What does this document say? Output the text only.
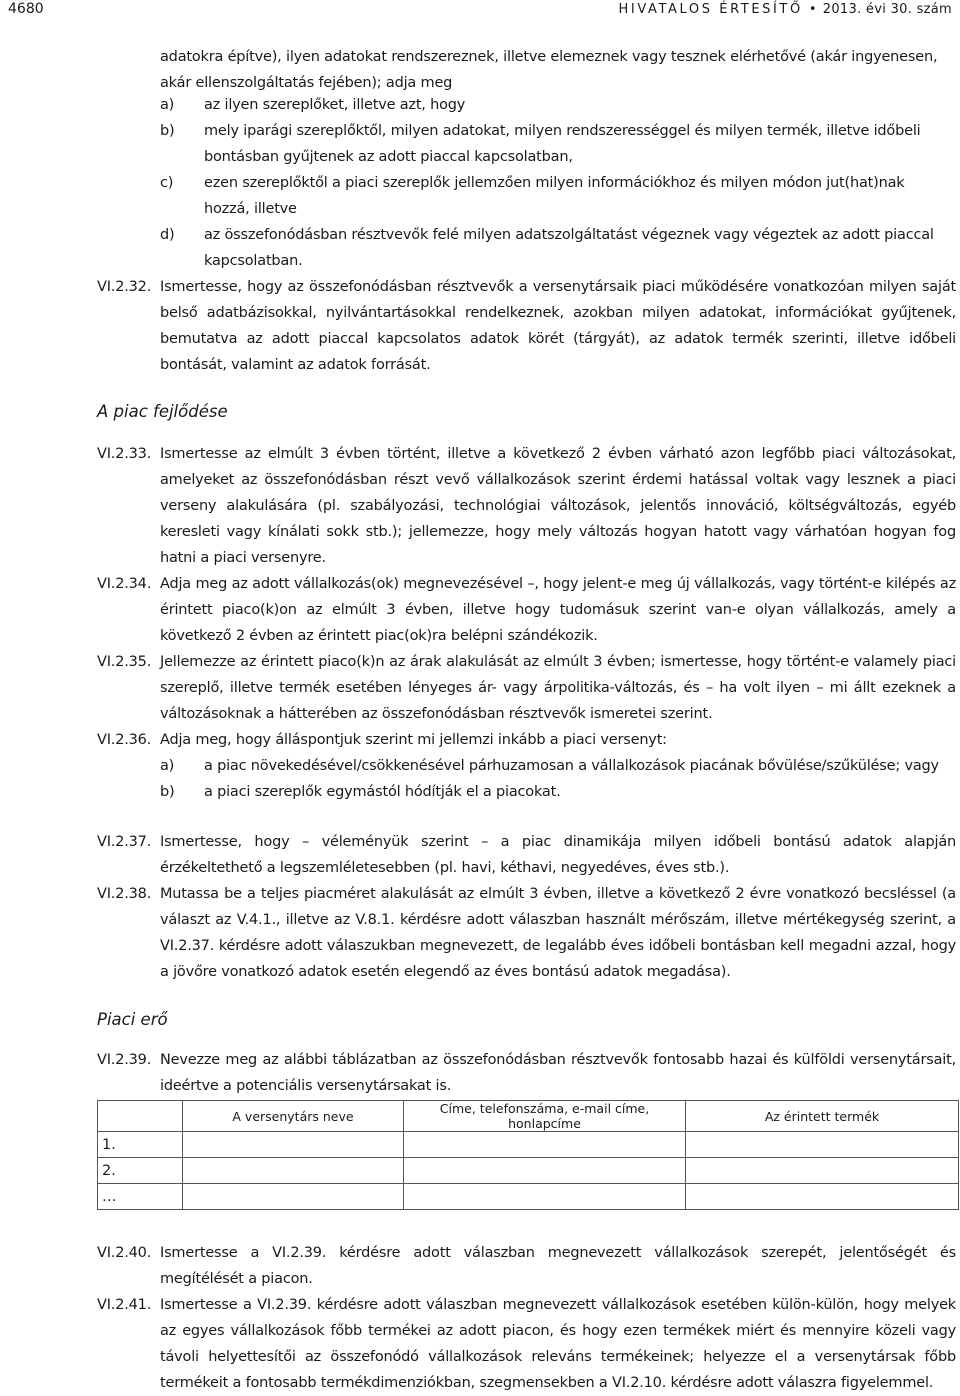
4680	HIVATALOS ÉRTESÍTŐ • 2013. évi 30. szám
adatokra építve), ilyen adatokat rendszereznek, illetve elemeznek vagy tesznek elérhetővé (akár ingyenesen,
akár ellenszolgáltatás fejében); adja meg
a)	az ilyen szereplőket, illetve azt, hogy
b)	mely iparági szereplőktől, milyen adatokat, milyen rendszerességgel és milyen termék, illetve időbeli
bontásban gyűjtenek az adott piaccal kapcsolatban,
c)	ezen szereplőktől a piaci szereplők jellemzően milyen információkhoz és milyen módon jut(hat)nak
hozzá, illetve
d)	az összefonódásban résztvevők felé milyen adatszolgáltatást végeznek vagy végeztek az adott piaccal
kapcsolatban.
VI.2.32. Ismertesse, hogy az összefonódásban résztvevők a versenytársaik piaci működésére vonatkozóan milyen saját belső adatbázisokkal, nyilvántartásokkal rendelkeznek, azokban milyen adatokat, információkat gyűjtenek, bemutatva az adott piaccal kapcsolatos adatok körét (tárgyát), az adatok termék szerinti, illetve időbeli bontását, valamint az adatok forrását.
A piac fejlődése
VI.2.33. Ismertesse az elmúlt 3 évben történt, illetve a következő 2 évben várható azon legfőbb piaci változásokat, amelyeket az összefonódásban részt vevő vállalkozások szerint érdemi hatással voltak vagy lesznek a piaci verseny alakulására (pl. szabályozási, technológiai változások, jelentős innováció, költségváltozás, egyéb keresleti vagy kínálati sokk stb.); jellemezze, hogy mely változás hogyan hatott vagy várhatóan hogyan fog hatni a piaci versenyre.
VI.2.34. Adja meg az adott vállalkozás(ok) megnevezésével –, hogy jelent-e meg új vállalkozás, vagy történt-e kilépés az érintett piaco(k)on az elmúlt 3 évben, illetve hogy tudomásuk szerint van-e olyan vállalkozás, amely a következő 2 évben az érintett piac(ok)ra belépni szándékozik.
VI.2.35. Jellemezze az érintett piaco(k)n az árak alakulását az elmúlt 3 évben; ismertesse, hogy történt-e valamely piaci szereplő, illetve termék esetében lényeges ár- vagy árpolitika-változás, és – ha volt ilyen – mi állt ezeknek a változásoknak a hátterében az összefonódásban résztvevők ismeretei szerint.
VI.2.36. Adja meg, hogy álláspontjuk szerint mi jellemzi inkább a piaci versenyt:
a)	a piac növekedésével/csökkenésével párhuzamosan a vállalkozások piacának bővülése/szűkülése; vagy
b)	a piaci szereplők egymástól hódítják el a piacokat.
VI.2.37. Ismertesse, hogy – véleményük szerint – a piac dinamikája milyen időbeli bontású adatok alapján érzékeltethető a legszemléletesebben (pl. havi, kéthavi, negyedéves, éves stb.).
VI.2.38. Mutassa be a teljes piacméret alakulását az elmúlt 3 évben, illetve a következő 2 évre vonatkozó becsléssel (a választ az V.4.1., illetve az V.8.1. kérdésre adott válaszban használt mérőszám, illetve mértékegység szerint, a VI.2.37. kérdésre adott válaszukban megnevezett, de legalább éves időbeli bontásban kell megadni azzal, hogy a jövőre vonatkozó adatok esetén elegendő az éves bontású adatok megadása).
Piaci erő
VI.2.39. Nevezze meg az alábbi táblázatban az összefonódásban résztvevők fontosabb hazai és külföldi versenytársait, ideértve a potenciális versenytársakat is.
	A versenytárs neve	Címe, telefonszáma, e-mail címe, honlapcíme	Az érintett termék
1.			
2.			
…			
VI.2.40. Ismertesse a VI.2.39. kérdésre adott válaszban megnevezett vállalkozások szerepét, jelentőségét és megítélését a piacon.
VI.2.41. Ismertesse a VI.2.39. kérdésre adott válaszban megnevezett vállalkozások esetében külön-külön, hogy melyek az egyes vállalkozások főbb termékei az adott piacon, és hogy ezen termékek miért és mennyire közeli vagy távoli helyettesítői az összefonódó vállalkozások releváns termékeinek; helyezze el a versenytársak főbb termékeit a fontosabb termékdimenziókban, szegmensekben a VI.2.10. kérdésre adott válaszra figyelemmel.
